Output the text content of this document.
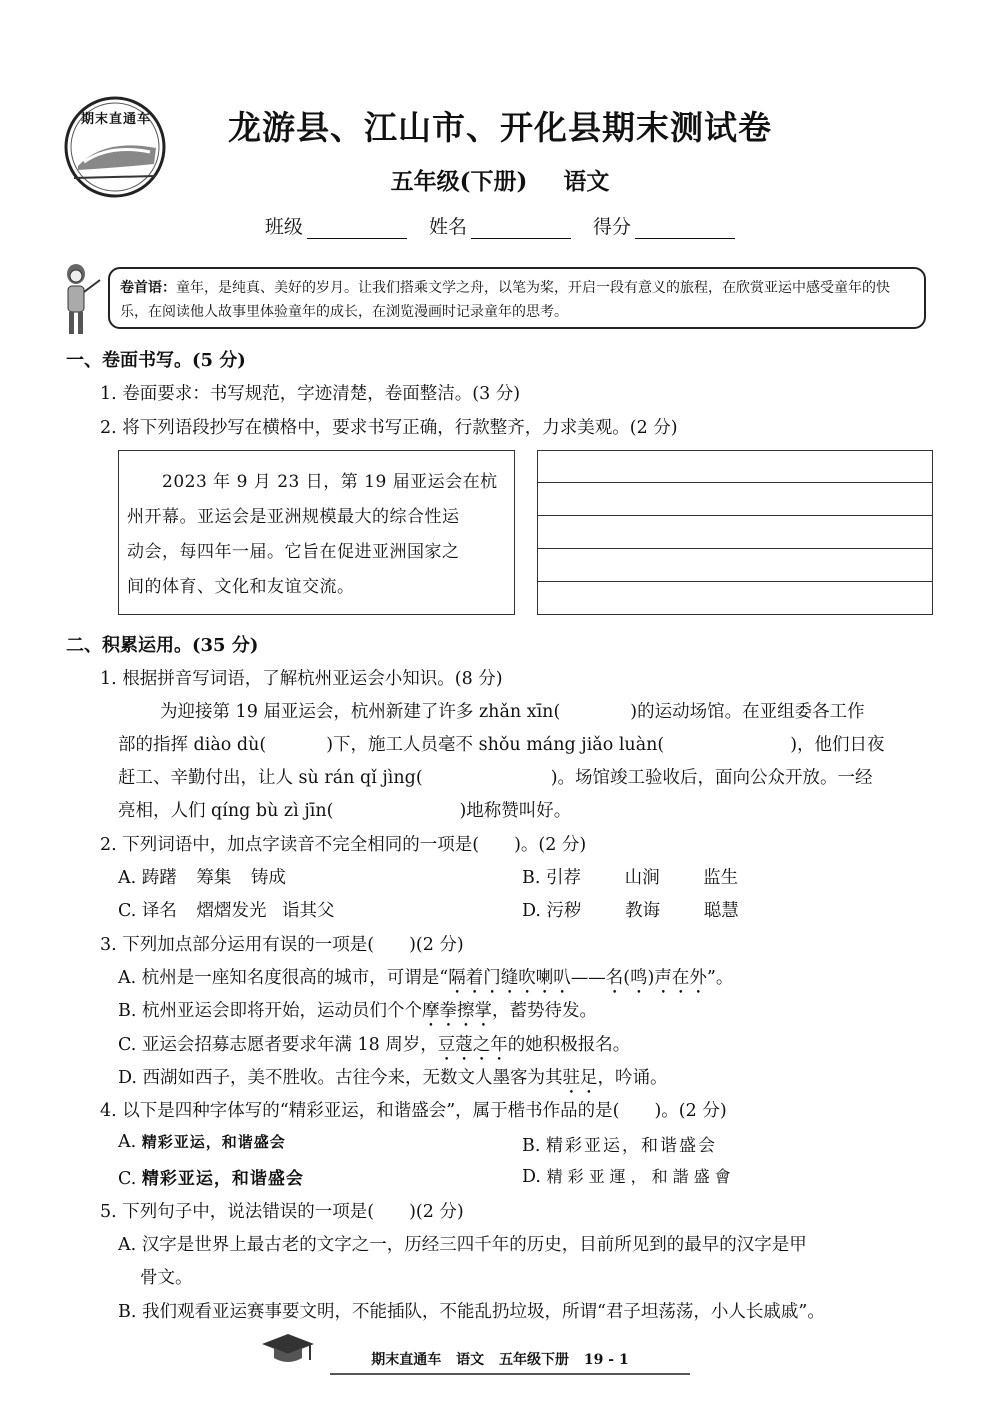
期末直通车	龙游县、江山市、开化县期末测试卷
五年级(下册) 语文
班级	姓名	得分
卷首语：童年，是纯真、美好的岁月。让我们搭乘文学之舟，以笔为桨，开启一段有意义的旅程，在欣赏亚运中感受童年的快乐，在阅读他人故事里体验童年的成长，在浏览漫画时记录童年的思考。
一、卷面书写。(5 分)
1. 卷面要求：书写规范，字迹清楚，卷面整洁。(3 分)
2. 将下列语段抄写在横格中，要求书写正确，行款整齐，力求美观。(2 分)
　　2023 年 9 月 23 日，第 19 届亚运会在杭
州开幕。亚运会是亚洲规模最大的综合性运
动会，每四年一届。它旨在促进亚洲国家之
间的体育、文化和友谊交流。
二、积累运用。(35 分)
1. 根据拼音写词语，了解杭州亚运会小知识。(8 分)
为迎接第 19 届亚运会，杭州新建了许多 zhǎn xīn(	)的运动场馆。在亚组委各工作
部的指挥 diào dù(	)下，施工人员毫不 shǒu máng jiǎo luàn(	)，他们日夜
赶工、辛勤付出，让人 sù rán qǐ jìng(	)。场馆竣工验收后，面向公众开放。一经
亮相，人们 qíng bù zì jīn(	)地称赞叫好。
2. 下列词语中，加点字读音不完全相同的一项是(　　)。(2 分)
A. 踌躇 筹集 铸成	B. 引荐 山涧 监生
C. 译名 熠熠发光 诣其父	D. 污秽 教诲 聪慧
3. 下列加点部分运用有误的一项是(　　)(2 分)
A. 杭州是一座知名度很高的城市，可谓是“隔着门缝吹喇叭——名(鸣)声在外”。
B. 杭州亚运会即将开始，运动员们个个摩拳擦掌，蓄势待发。
C. 亚运会招募志愿者要求年满 18 周岁，豆蔻之年的她积极报名。
D. 西湖如西子，美不胜收。古往今来，无数文人墨客为其驻足，吟诵。
4. 以下是四种字体写的“精彩亚运，和谐盛会”，属于楷书作品的是(　　)。(2 分)
A. 精彩亚运，和谐盛会	B. 精彩亚运，和谐盛会
C. 精彩亚运，和谐盛会	D. 精彩亚運，和諧盛會
5. 下列句子中，说法错误的一项是(　　)(2 分)
A. 汉字是世界上最古老的文字之一，历经三四千年的历史，目前所见到的最早的汉字是甲
骨文。
B. 我们观看亚运赛事要文明，不能插队，不能乱扔垃圾，所谓“君子坦荡荡，小人长戚戚”。
期末直通车 语文 五年级下册 19 - 1
